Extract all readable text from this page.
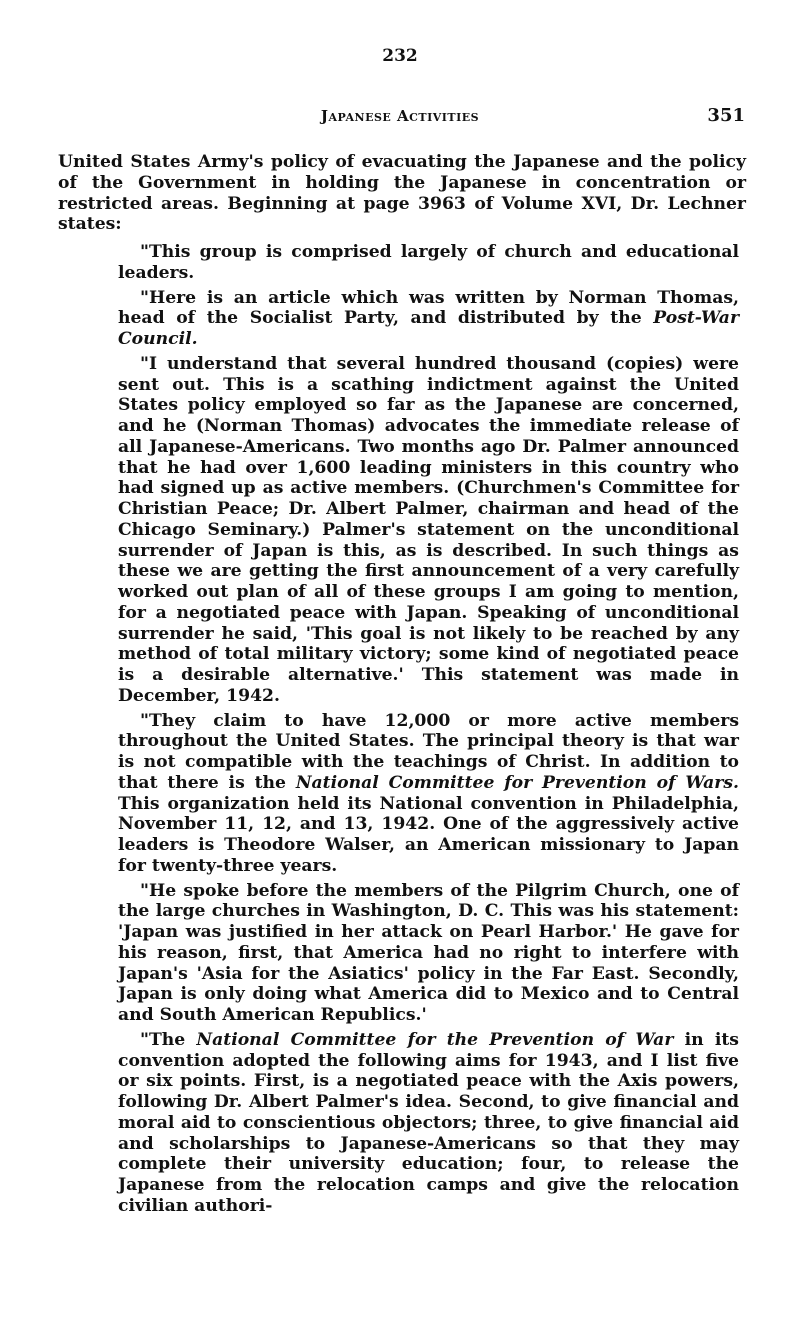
232
Japanese Activities	351

United States Army's policy of evacuating the Japanese and the policy of the Government in holding the Japanese in concentration or restricted areas. Beginning at page 3963 of Volume XVI, Dr. Lechner states:

"This group is comprised largely of church and educational leaders.

"Here is an article which was written by Norman Thomas, head of the Socialist Party, and distributed by the Post-War Council.

"I understand that several hundred thousand (copies) were sent out. This is a scathing indictment against the United States policy employed so far as the Japanese are concerned, and he (Norman Thomas) advocates the immediate release of all Japanese-Americans. Two months ago Dr. Palmer announced that he had over 1,600 leading ministers in this country who had signed up as active members. (Churchmen's Committee for Christian Peace; Dr. Albert Palmer, chairman and head of the Chicago Seminary.) Palmer's statement on the unconditional surrender of Japan is this, as is described. In such things as these we are getting the first announcement of a very carefully worked out plan of all of these groups I am going to mention, for a negotiated peace with Japan. Speaking of unconditional surrender he said, 'This goal is not likely to be reached by any method of total military victory; some kind of negotiated peace is a desirable alternative.' This statement was made in December, 1942.

"They claim to have 12,000 or more active members throughout the United States. The principal theory is that war is not compatible with the teachings of Christ. In addition to that there is the National Committee for Prevention of Wars. This organization held its National convention in Philadelphia, November 11, 12, and 13, 1942. One of the aggressively active leaders is Theodore Walser, an American missionary to Japan for twenty-three years.

"He spoke before the members of the Pilgrim Church, one of the large churches in Washington, D. C. This was his statement: 'Japan was justified in her attack on Pearl Harbor.' He gave for his reason, first, that America had no right to interfere with Japan's 'Asia for the Asiatics' policy in the Far East. Secondly, Japan is only doing what America did to Mexico and to Central and South American Republics.'

"The National Committee for the Prevention of War in its convention adopted the following aims for 1943, and I list five or six points. First, is a negotiated peace with the Axis powers, following Dr. Albert Palmer's idea. Second, to give financial and moral aid to conscientious objectors; three, to give financial aid and scholarships to Japanese-Americans so that they may complete their university education; four, to release the Japanese from the relocation camps and give the relocation civilian authori-
